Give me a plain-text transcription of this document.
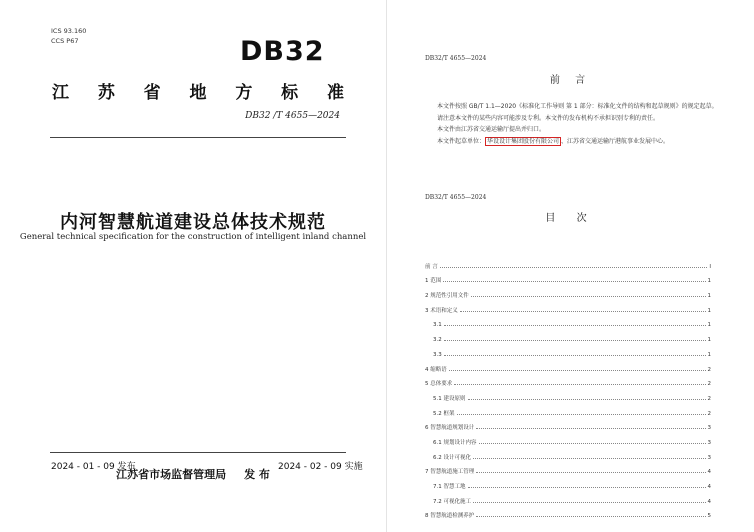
ICS 93.160
CCS P67	DB32
江 苏 省 地 方 标 准
DB32 /T 4655—2024
内河智慧航道建设总体技术规范
General technical specification for the construction of intelligent inland channel
2024 - 01 - 09 发布	2024 - 02 - 09 实施
江苏省市场监督管理局 发 布
DB32/T 4655—2024
前 言

本文件按照 GB/T 1.1—2020《标准化工作导则 第 1 部分：标准化文件的结构和起草规则》的规定起草。

请注意本文件的某些内容可能涉及专利。本文件的发布机构不承担识别专利的责任。

本文件由江苏省交通运输厅提出并归口。

本文件起草单位： 华设设计集团股份有限公司 、江苏省交通运输厅港航事业发展中心。

DB32/T 4655—2024
目 次
前 言	I
1 范围	1
2 规范性引用文件	1
3 术语和定义	1
3.1	1
3.2	1
3.3	1
4 缩略语	2
5 总体要求	2
5.1 建设原则	2
5.2 框架	2
6 智慧航道规划设计	3
6.1 规划设计内容	3
6.2 设计可视化	3
7 智慧航道施工管理	4
7.1 智慧工地	4
7.2 可视化施工	4
8 智慧航道检测养护	5
